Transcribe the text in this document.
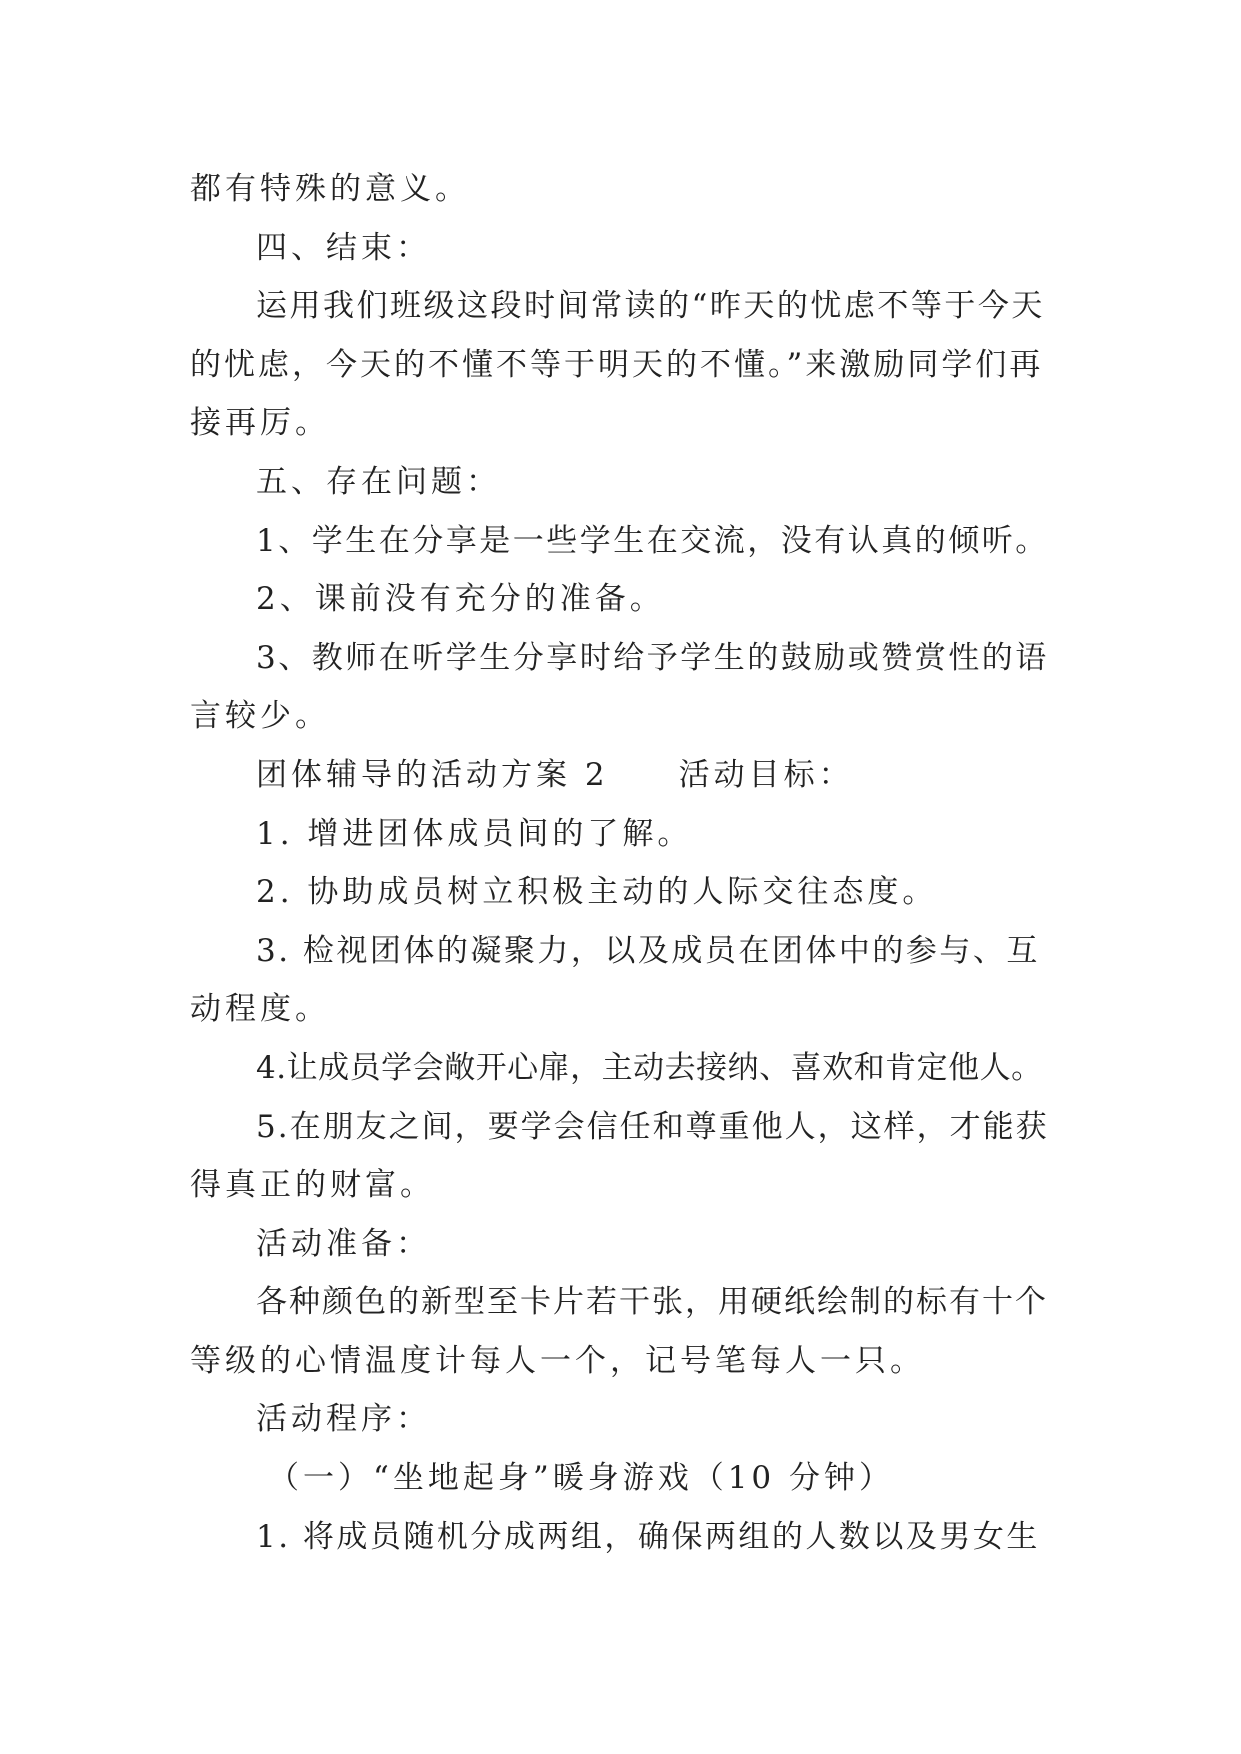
都有特殊的意义。
四、结束：
运用我们班级这段时间常读的“昨天的忧虑不等于今天
的忧虑，今天的不懂不等于明天的不懂。”来激励同学们再
接再厉。
五、存在问题：
1、学生在分享是一些学生在交流，没有认真的倾听。
2、课前没有充分的准备。
3、教师在听学生分享时给予学生的鼓励或赞赏性的语
言较少。
团体辅导的活动方案 2　　活动目标：
1. 增进团体成员间的了解。
2. 协助成员树立积极主动的人际交往态度。
3. 检视团体的凝聚力，以及成员在团体中的参与、互
动程度。
4.让成员学会敞开心扉，主动去接纳、喜欢和肯定他人。
5.在朋友之间，要学会信任和尊重他人，这样，才能获
得真正的财富。
活动准备：
各种颜色的新型至卡片若干张，用硬纸绘制的标有十个
等级的心情温度计每人一个，记号笔每人一只。
活动程序：
（一）“坐地起身”暖身游戏（10 分钟）
1. 将成员随机分成两组，确保两组的人数以及男女生
